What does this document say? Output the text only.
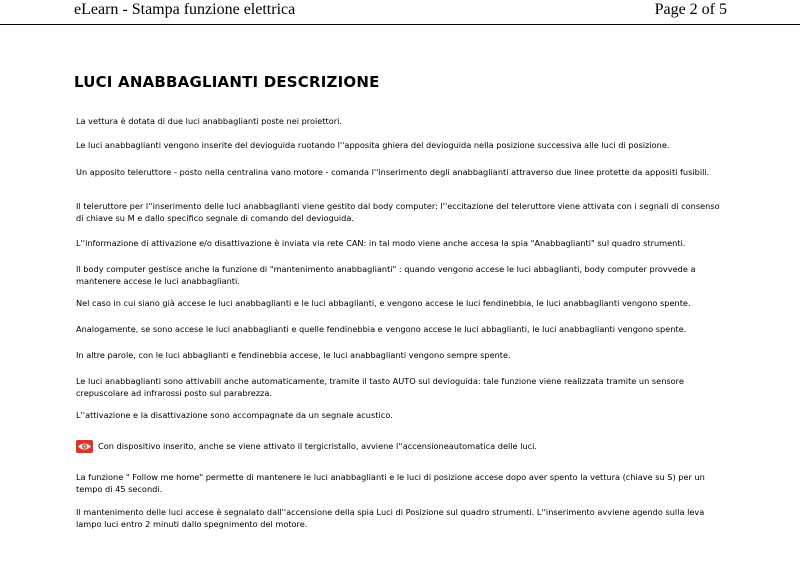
eLearn - Stampa funzione elettrica	Page 2 of 5
LUCI ANABBAGLIANTI DESCRIZIONE

La vettura è dotata di due luci anabbaglianti poste nei proiettori.

Le luci anabbaglianti vengono inserite del devioguida ruotando l''apposita ghiera del devioguida nella posizione successiva alle luci di posizione.

Un apposito teleruttore - posto nella centralina vano motore - comanda l''inserimento degli anabbaglianti attraverso due linee protette da appositi fusibili.

Il teleruttore per l''inserimento delle luci anabbaglianti viene gestito dal body computer: l''eccitazione del teleruttore viene attivata con i segnali di consenso di chiave su M e dallo specifico segnale di comando del devioguida.

L''informazione di attivazione e/o disattivazione è inviata via rete CAN: in tal modo viene anche accesa la spia "Anabbaglianti" sul quadro strumenti.

Il body computer gestisce anche la funzione di "mantenimento anabbaglianti" : quando vengono accese le luci abbaglianti, body computer provvede a mantenere accese le luci anabbaglianti.

Nel caso in cui siano già accese le luci anabbaglianti e le luci abbaglianti, e vengono accese le luci fendinebbia, le luci anabbaglianti vengono spente.

Analogamente, se sono accese le luci anabbaglianti e quelle fendinebbia e vengono accese le luci abbaglianti, le luci anabbaglianti vengono spente.

In altre parole, con le luci abbaglianti e fendinebbia accese, le luci anabbaglianti vengono sempre spente.

Le luci anabbaglianti sono attivabili anche automaticamente, tramite il tasto AUTO sul devioguida: tale funzione viene realizzata tramite un sensore crepuscolare ad infrarossi posto sul parabrezza.

L''attivazione e la disattivazione sono accompagnate da un segnale acustico.

Con dispositivo inserito, anche se viene attivato il tergicristallo, avviene l''accensioneautomatica delle luci.

La funzione " Follow me home" permette di mantenere le luci anabbaglianti e le luci di posizione accese dopo aver spento la vettura (chiave su S) per un tempo di 45 secondi.

Il mantenimento delle luci accese è segnalato dall''accensione della spia Luci di Posizione sul quadro strumenti. L''inserimento avviene agendo sulla leva lampo luci entro 2 minuti dallo spegnimento del motore.
